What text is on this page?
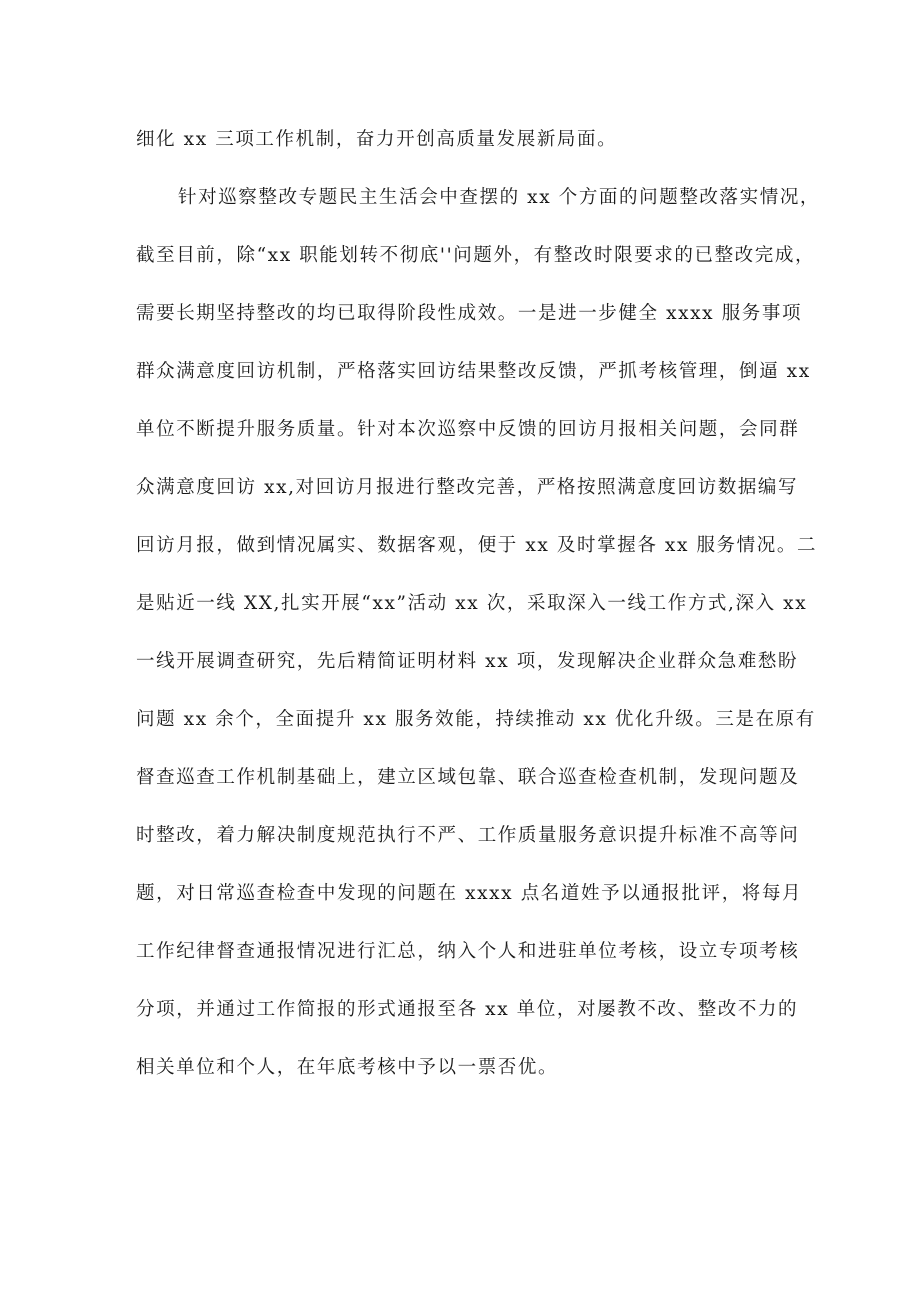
细化 xx 三项工作机制，奋力开创高质量发展新局面。
针对巡察整改专题民主生活会中查摆的 xx 个方面的问题整改落实情况，
截至目前，除“xx 职能划转不彻底''问题外，有整改时限要求的已整改完成，
需要长期坚持整改的均已取得阶段性成效。一是进一步健全 xxxx 服务事项
群众满意度回访机制，严格落实回访结果整改反馈，严抓考核管理，倒逼 xx
单位不断提升服务质量。针对本次巡察中反馈的回访月报相关问题，会同群
众满意度回访 xx,对回访月报进行整改完善，严格按照满意度回访数据编写
回访月报，做到情况属实、数据客观，便于 xx 及时掌握各 xx 服务情况。二
是贴近一线 XX,扎实开展“xx”活动 xx 次，采取深入一线工作方式,深入 xx
一线开展调查研究，先后精简证明材料 xx 项，发现解决企业群众急难愁盼
问题 xx 余个，全面提升 xx 服务效能，持续推动 xx 优化升级。三是在原有
督查巡查工作机制基础上，建立区域包靠、联合巡查检查机制，发现问题及
时整改，着力解决制度规范执行不严、工作质量服务意识提升标准不高等问
题，对日常巡查检查中发现的问题在 xxxx 点名道姓予以通报批评，将每月
工作纪律督查通报情况进行汇总，纳入个人和进驻单位考核，设立专项考核
分项，并通过工作简报的形式通报至各 xx 单位，对屡教不改、整改不力的
相关单位和个人，在年底考核中予以一票否优。
